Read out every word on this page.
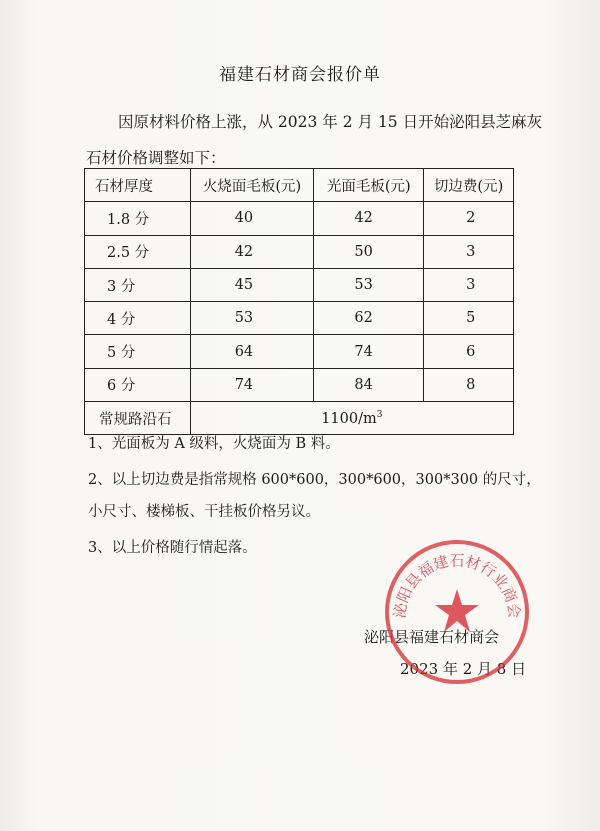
福建石材商会报价单
因原材料价格上涨，从 2023 年 2 月 15 日开始泌阳县芝麻灰
石材价格调整如下：
石材厚度	火烧面毛板(元)	光面毛板(元)	切边费(元)
1.8 分	40	42	2
2.5 分	42	50	3
3 分	45	53	3
4 分	53	62	5
5 分	64	74	6
6 分	74	84	8
常规路沿石	$1100/m^3$
1、光面板为 A 级料，火烧面为 B 料。
2、以上切边费是指常规格 600*600，300*600，300*300 的尺寸，
小尺寸、楼梯板、干挂板价格另议。
3、以上价格随行情起落。
泌阳县福建石材商会
2023 年 2 月 8 日
泌阳县福建石材行业商会
